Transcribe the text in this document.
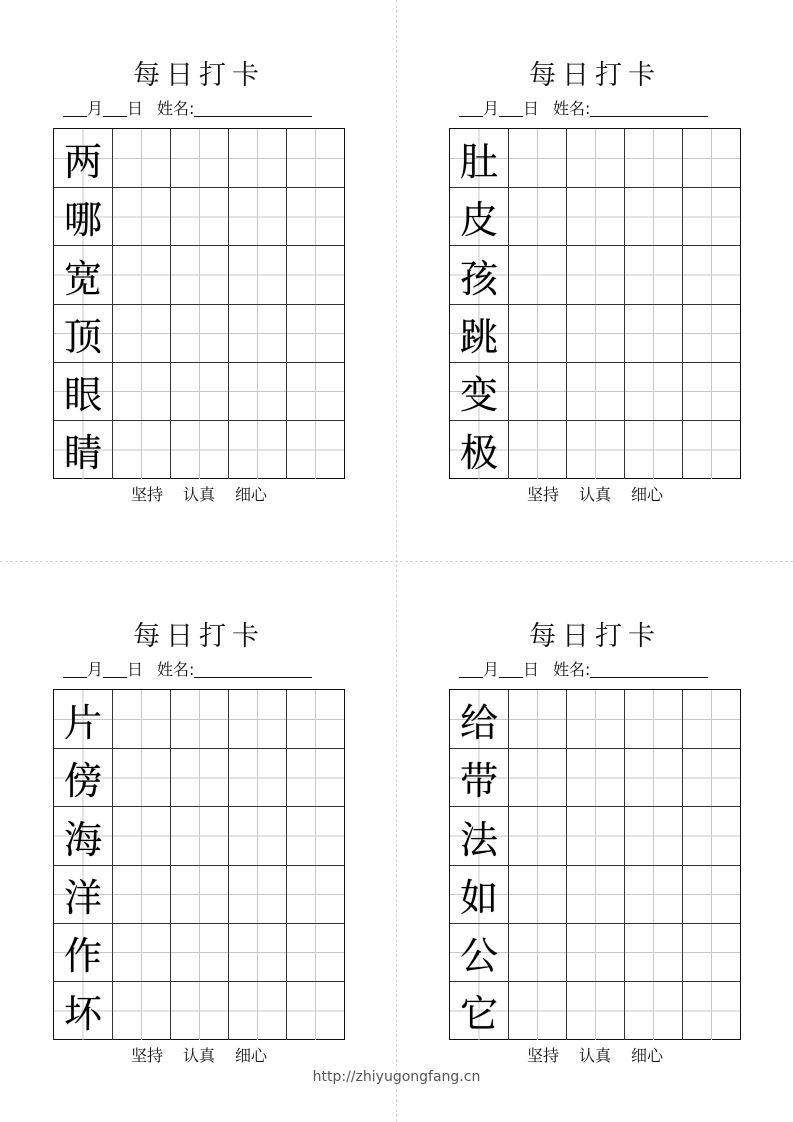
每日打卡
月 日 姓名:
两
哪
宽
顶
眼
睛
坚持 认真 细心
每日打卡
月 日 姓名:
肚
皮
孩
跳
变
极
坚持 认真 细心
每日打卡
月 日 姓名:
片
傍
海
洋
作
坏
坚持 认真 细心
每日打卡
月 日 姓名:
给
带
法
如
公
它
坚持 认真 细心
http://zhiyugongfang.cn
